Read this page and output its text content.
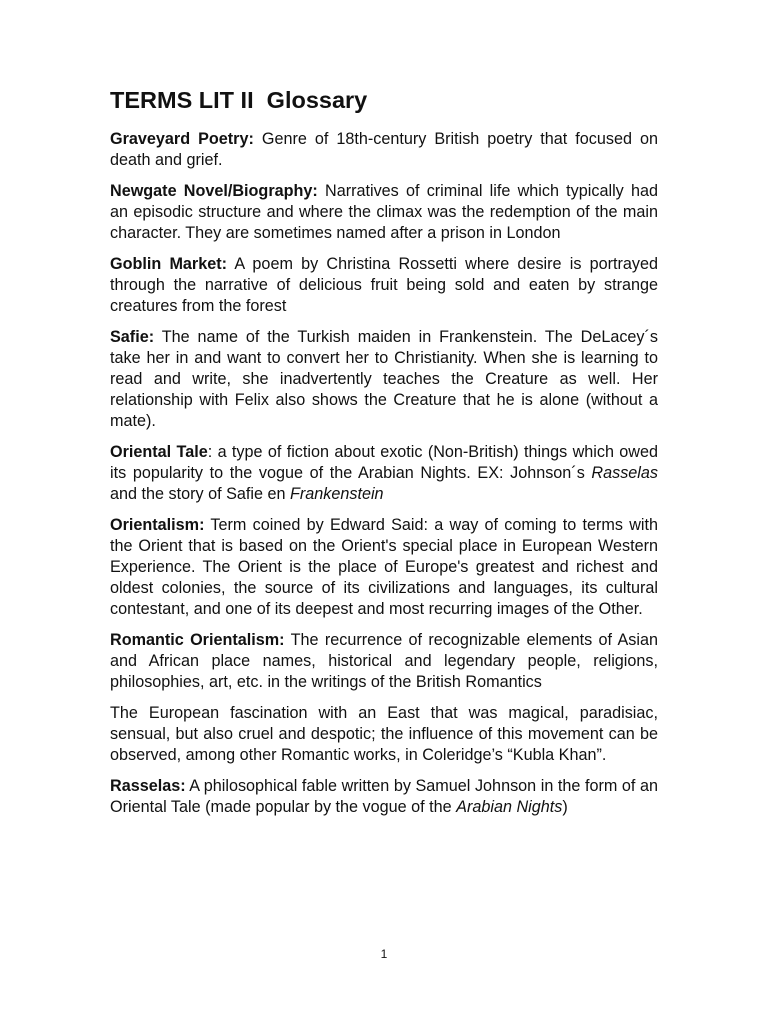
TERMS LIT II  Glossary

Graveyard Poetry: Genre of 18th-century British poetry that focused on death and grief.

Newgate Novel/Biography: Narratives of criminal life which typically had an episodic structure and where the climax was the redemption of the main character. They are sometimes named after a prison in London

Goblin Market: A poem by Christina Rossetti where desire is portrayed through the narrative of delicious fruit being sold and eaten by strange creatures from the forest

Safie: The name of the Turkish maiden in Frankenstein. The DeLacey´s take her in and want to convert her to Christianity. When she is learning to read and write, she inadvertently teaches the Creature as well. Her relationship with Felix also shows the Creature that he is alone (without a mate).

Oriental Tale: a type of fiction about exotic (Non-British) things which owed its popularity to the vogue of the Arabian Nights. EX: Johnson´s Rasselas and the story of Safie en Frankenstein

Orientalism: Term coined by Edward Said: a way of coming to terms with the Orient that is based on the Orient's special place in European Western Experience. The Orient is the place of Europe's greatest and richest and oldest colonies, the source of its civilizations and languages, its cultural contestant, and one of its deepest and most recurring images of the Other.

Romantic Orientalism: The recurrence of recognizable elements of Asian and African place names, historical and legendary people, religions, philosophies, art, etc. in the writings of the British Romantics

The European fascination with an East that was magical, paradisiac, sensual, but also cruel and despotic; the influence of this movement can be observed, among other Romantic works, in Coleridge’s “Kubla Khan”.

Rasselas: A philosophical fable written by Samuel Johnson in the form of an Oriental Tale (made popular by the vogue of the Arabian Nights)

1
